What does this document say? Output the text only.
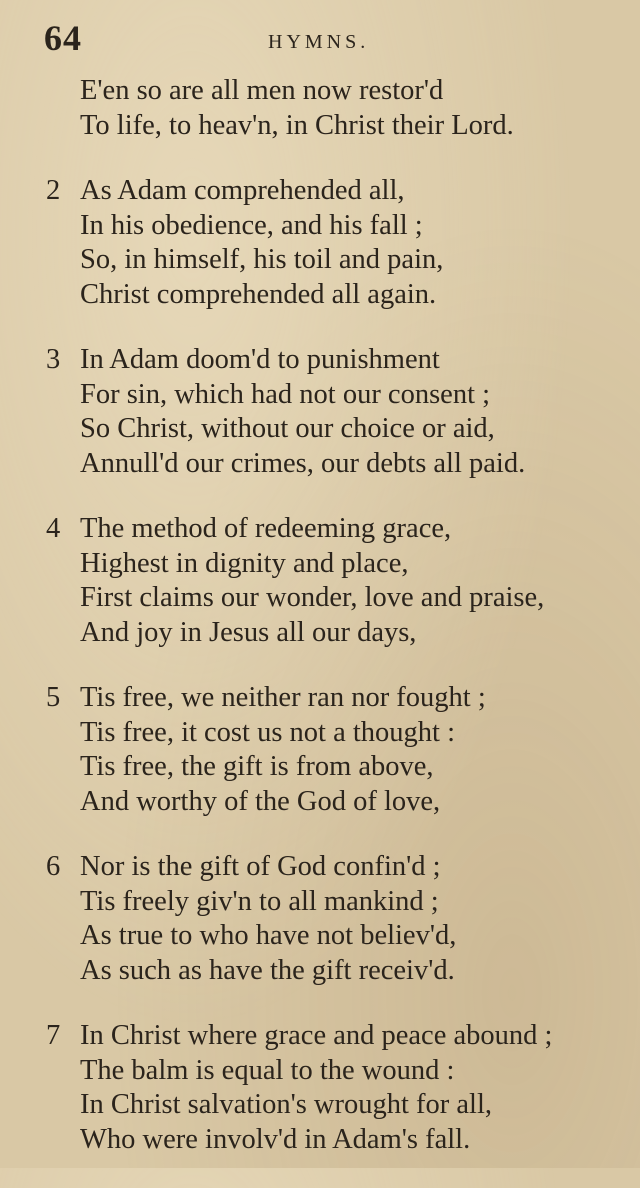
64	HYMNS.
E'en so are all men now restor'd
To life, to heav'n, in Christ their Lord.
2 As Adam comprehended all,
In his obedience, and his fall ;
So, in himself, his toil and pain,
Christ comprehended all again.
3 In Adam doom'd to punishment
For sin, which had not our consent ;
So Christ, without our choice or aid,
Annull'd our crimes, our debts all paid.
4 The method of redeeming grace,
Highest in dignity and place,
First claims our wonder, love and praise,
And joy in Jesus all our days,
5 Tis free, we neither ran nor fought ;
Tis free, it cost us not a thought :
Tis free, the gift is from above,
And worthy of the God of love,
6 Nor is the gift of God confin'd ;
Tis freely giv'n to all mankind ;
As true to who have not believ'd,
As such as have the gift receiv'd.
7 In Christ where grace and peace abound ;
The balm is equal to the wound :
In Christ salvation's wrought for all,
Who were involv'd in Adam's fall.
